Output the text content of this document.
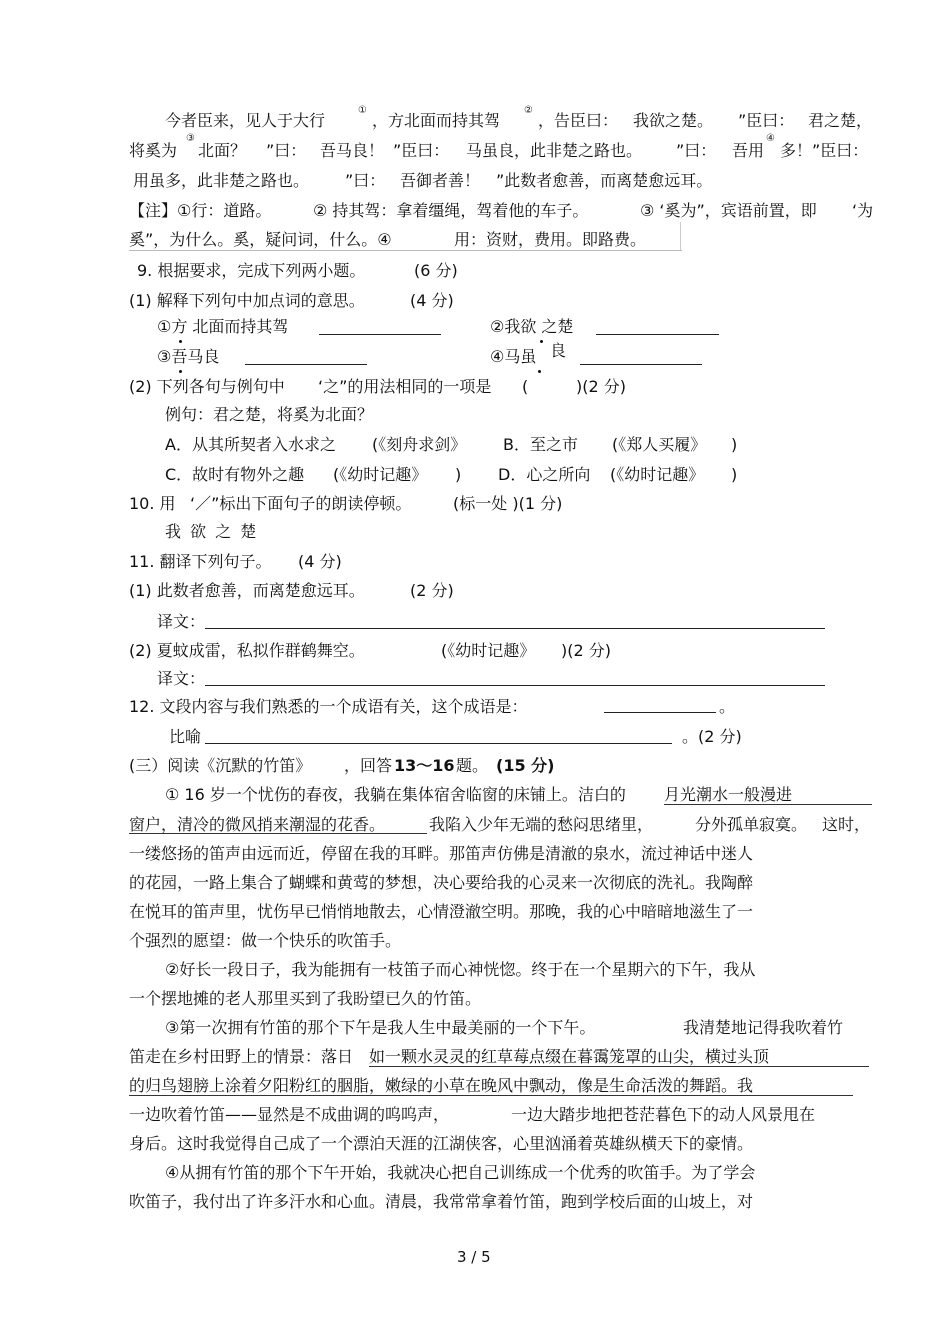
今者臣来，见人于大行
①
，方北面而持其驾
②
，告臣曰： 我欲之楚。 ”臣曰： 君之楚，
将奚为
③
北面？ ”曰： 吾马良！ ”臣曰： 马虽良，此非楚之路也。 ”曰： 吾用
④
多！ ”臣曰：
用虽多，此非楚之路也。 ”曰： 吾御者善！ ”此数者愈善，而离楚愈远耳。
【注】①行：道路。	② 持其驾：拿着缰绳，驾着他的车子。	③ ‘奚为”，宾语前置，即 ‘为
奚”，为什么。奚，疑问词，什么。④	用：资财，费用。即路费。
9. 根据要求，完成下列两小题。	(6 分)
(1) 解释下列句中加点词的意思。	(4 分)
①方 北面而持其驾	②我欲 之楚
③吾马良	④马虽 良
(2) 下列各句与例句中 ‘之”的用法相同的一项是 (	)(2 分)
例句：君之楚，将奚为北面？
A．从其所契者入水求之 (《刻舟求剑》 B．至之市 (《郑人买履》 )
C．故时有物外之趣 (《幼时记趣》 ) D．心之所向 (《幼时记趣》 )
10. 用 ‘／”标出下面句子的朗读停顿。	(标一处 )(1 分)
我 欲 之 楚
11. 翻译下列句子。 (4 分)
(1) 此数者愈善，而离楚愈远耳。	(2 分)
译文：
(2) 夏蚊成雷，私拟作群鹤舞空。	(《幼时记趣》 )(2 分)
译文：
12. 文段内容与我们熟悉的一个成语有关，这个成语是：	。
比喻	。(2 分)
(三）阅读《沉默的竹笛》 ，回答 13～16 题。 (15 分)
① 16 岁一个忧伤的春夜，我躺在集体宿舍临窗的床铺上。洁白的 月光潮水一般漫进
窗户，清冷的微风捎来潮湿的花香。	我陷入少年无端的愁闷思绪里，	分外孤单寂寞。 这时，
一缕悠扬的笛声由远而近，停留在我的耳畔。那笛声仿佛是清澈的泉水，流过神话中迷人
的花园，一路上集合了蝴蝶和黄莺的梦想，决心要给我的心灵来一次彻底的洗礼。我陶醉
在悦耳的笛声里，忧伤早已悄悄地散去，心情澄澈空明。那晚，我的心中暗暗地滋生了一
个强烈的愿望：做一个快乐的吹笛手。
②好长一段日子，我为能拥有一枝笛子而心神恍惚。终于在一个星期六的下午，我从
一个摆地摊的老人那里买到了我盼望已久的竹笛。
③第一次拥有竹笛的那个下午是我人生中最美丽的一个下午。	我清楚地记得我吹着竹
笛走在乡村田野上的情景：落日 如一颗水灵灵的红草莓点缀在暮霭笼罩的山尖，横过头顶
的归鸟翅膀上涂着夕阳粉红的胭脂，嫩绿的小草在晚风中飘动，像是生命活泼的舞蹈。我
一边吹着竹笛——显然是不成曲调的呜呜声，	一边大踏步地把苍茫暮色下的动人风景甩在
身后。这时我觉得自己成了一个漂泊天涯的江湖侠客，心里汹涌着英雄纵横天下的豪情。
④从拥有竹笛的那个下午开始，我就决心把自己训练成一个优秀的吹笛手。为了学会
吹笛子，我付出了许多汗水和心血。清晨，我常常拿着竹笛，跑到学校后面的山坡上，对
3 / 5
